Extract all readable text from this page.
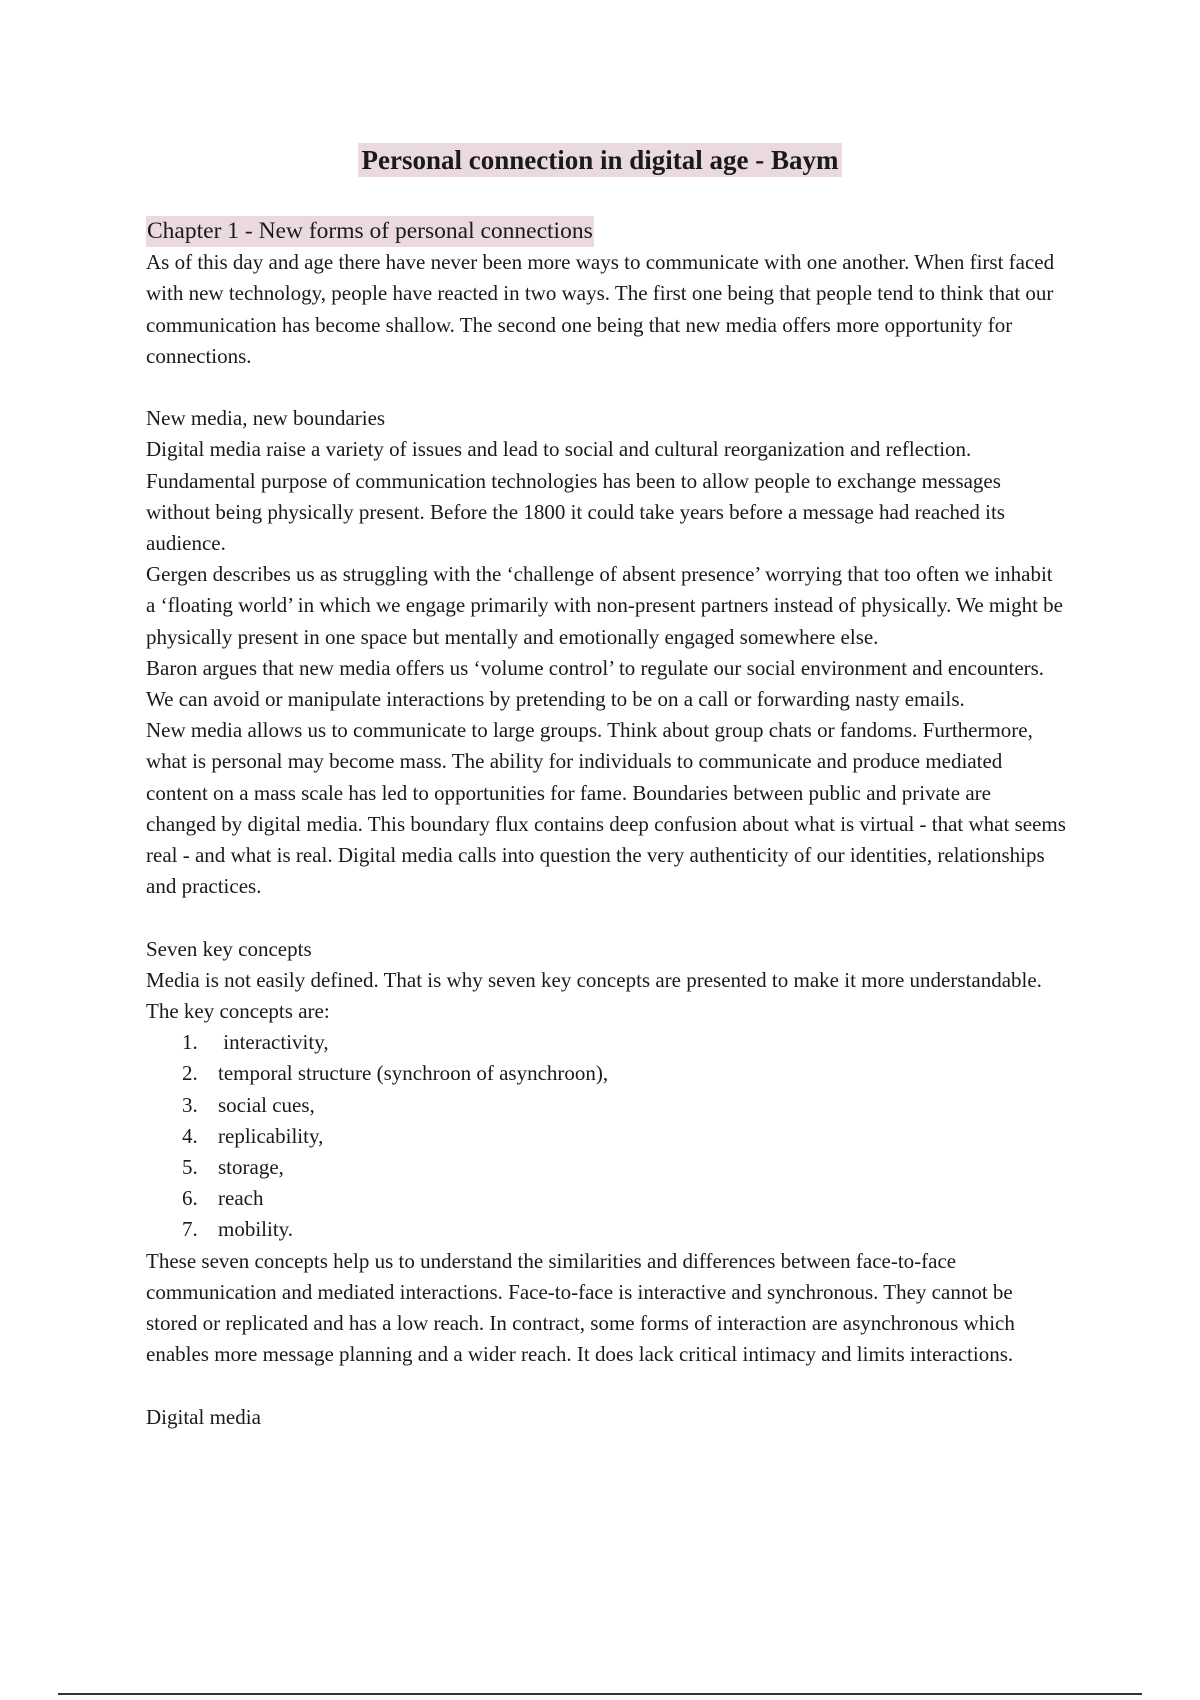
Personal connection in digital age - Baym
Chapter 1 - New forms of personal connections

As of this day and age there have never been more ways to communicate with one another. When first faced with new technology, people have reacted in two ways. The first one being that people tend to think that our communication has become shallow. The second one being that new media offers more opportunity for connections.

New media, new boundaries

Digital media raise a variety of issues and lead to social and cultural reorganization and reflection. Fundamental purpose of communication technologies has been to allow people to exchange messages without being physically present. Before the 1800 it could take years before a message had reached its audience.

Gergen describes us as struggling with the ‘challenge of absent presence’ worrying that too often we inhabit a ‘floating world’ in which we engage primarily with non-present partners instead of physically. We might be physically present in one space but mentally and emotionally engaged somewhere else.

Baron argues that new media offers us ‘volume control’ to regulate our social environment and encounters. We can avoid or manipulate interactions by pretending to be on a call or forwarding nasty emails.

New media allows us to communicate to large groups. Think about group chats or fandoms. Furthermore, what is personal may become mass. The ability for individuals to communicate and produce mediated content on a mass scale has led to opportunities for fame. Boundaries between public and private are changed by digital media. This boundary flux contains deep confusion about what is virtual - that what seems real - and what is real. Digital media calls into question the very authenticity of our identities, relationships and practices.

Seven key concepts

Media is not easily defined. That is why seven key concepts are presented to make it more understandable. The key concepts are:

1. interactivity,
2. temporal structure (synchroon of asynchroon),
3. social cues,
4. replicability,
5. storage,
6. reach
7. mobility.

These seven concepts help us to understand the similarities and differences between face-to-face communication and mediated interactions. Face-to-face is interactive and synchronous. They cannot be stored or replicated and has a low reach. In contract, some forms of interaction are asynchronous which enables more message planning and a wider reach. It does lack critical intimacy and limits interactions.

Digital media
